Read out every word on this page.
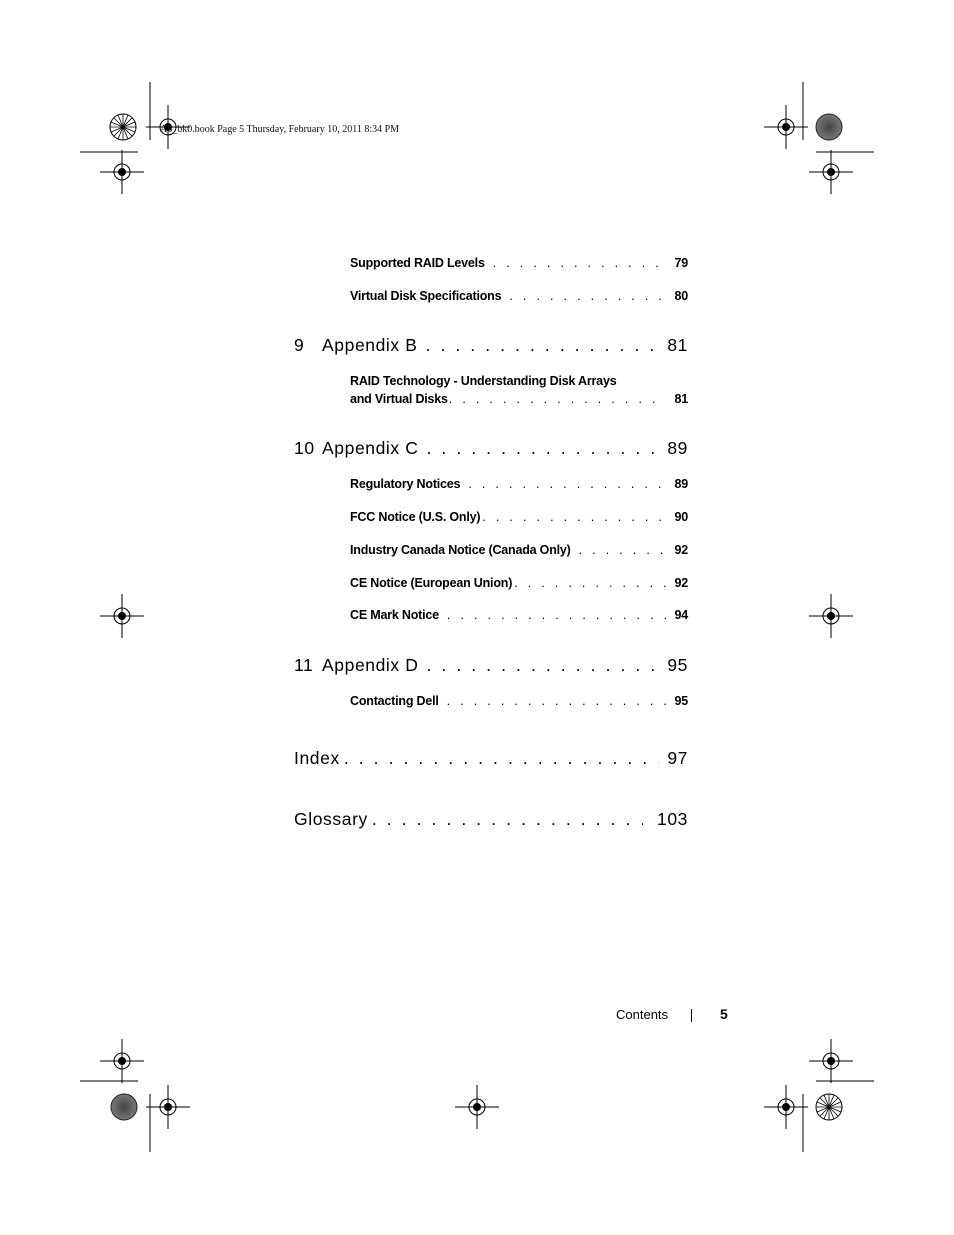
A5_bk0.book Page 5 Thursday, February 10, 2011 8:34 PM
Supported RAID Levels . . .	79
Virtual Disk Specifications . . .	80
9	Appendix B . . .	81
RAID Technology - Understanding Disk Arrays
and Virtual Disks . . .	81
10 Appendix C . . .	89
Regulatory Notices . . .	89
FCC Notice (U.S. Only) . . .	90
Industry Canada Notice (Canada Only) . . .	92
CE Notice (European Union) . . .	92
CE Mark Notice . . .	94
11 Appendix D . . .	95
Contacting Dell . . .	95
Index . . .	97
Glossary . . .	103
Contents	5
